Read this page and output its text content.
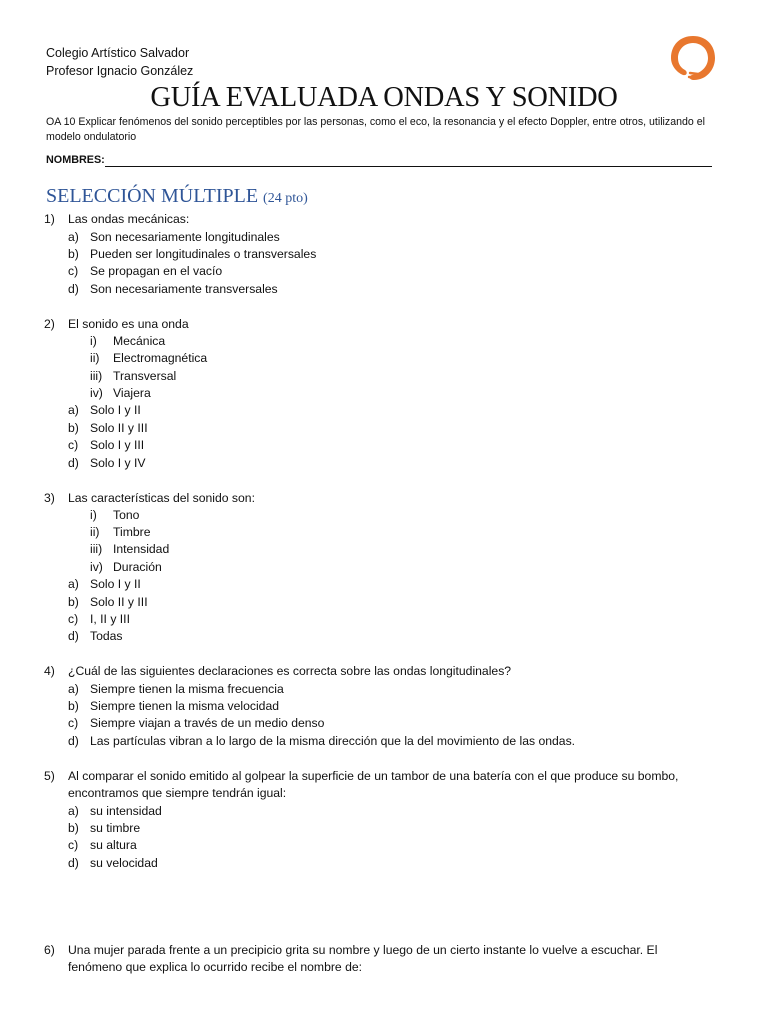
Colegio Artístico Salvador
Profesor Ignacio González
GUÍA EVALUADA ONDAS Y SONIDO
OA 10 Explicar fenómenos del sonido perceptibles por las personas, como el eco, la resonancia y el efecto Doppler, entre otros, utilizando el modelo ondulatorio
NOMBRES:
SELECCIÓN MÚLTIPLE (24 pto)
1) Las ondas mecánicas:
a) Son necesariamente longitudinales
b) Pueden ser longitudinales o transversales
c) Se propagan en el vacío
d) Son necesariamente transversales
2) El sonido es una onda
i) Mecánica
ii) Electromagnética
iii) Transversal
iv) Viajera
a) Solo I y II
b) Solo II y III
c) Solo I y III
d) Solo I y IV
3) Las características del sonido son:
i) Tono
ii) Timbre
iii) Intensidad
iv) Duración
a) Solo I y II
b) Solo II y III
c) I, II y III
d) Todas
4) ¿Cuál de las siguientes declaraciones es correcta sobre las ondas longitudinales?
a) Siempre tienen la misma frecuencia
b) Siempre tienen la misma velocidad
c) Siempre viajan a través de un medio denso
d) Las partículas vibran a lo largo de la misma dirección que la del movimiento de las ondas.
5) Al comparar el sonido emitido al golpear la superficie de un tambor de una batería con el que produce su bombo, encontramos que siempre tendrán igual:
a) su intensidad
b) su timbre
c) su altura
d) su velocidad
6) Una mujer parada frente a un precipicio grita su nombre y luego de un cierto instante lo vuelve a escuchar. El fenómeno que explica lo ocurrido recibe el nombre de:
